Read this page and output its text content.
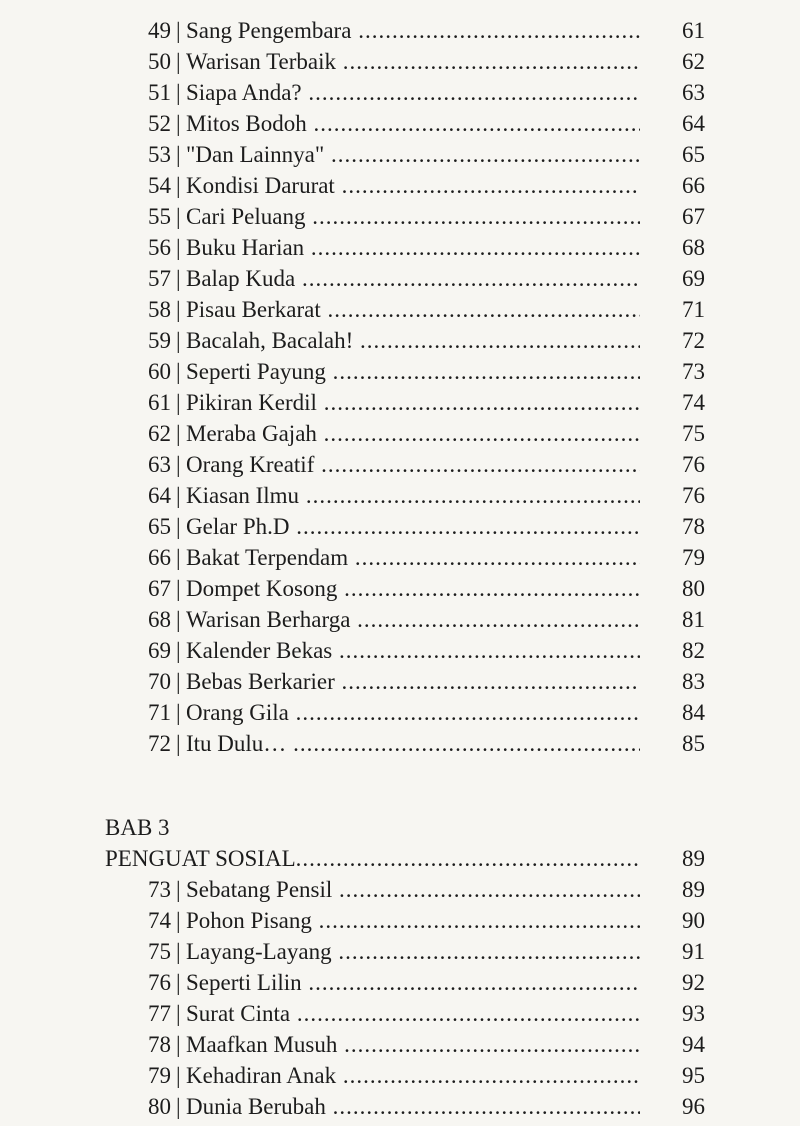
49 | Sang Pengembara .....	61
50 | Warisan Terbaik .....	62
51 | Siapa Anda? .....	63
52 | Mitos Bodoh .....	64
53 | "Dan Lainnya" .....	65
54 | Kondisi Darurat .....	66
55 | Cari Peluang .....	67
56 | Buku Harian .....	68
57 | Balap Kuda .....	69
58 | Pisau Berkarat .....	71
59 | Bacalah, Bacalah! .....	72
60 | Seperti Payung .....	73
61 | Pikiran Kerdil .....	74
62 | Meraba Gajah .....	75
63 | Orang Kreatif .....	76
64 | Kiasan Ilmu .....	76
65 | Gelar Ph.D .....	78
66 | Bakat Terpendam .....	79
67 | Dompet Kosong .....	80
68 | Warisan Berharga .....	81
69 | Kalender Bekas .....	82
70 | Bebas Berkarier .....	83
71 | Orang Gila .....	84
72 | Itu Dulu… .....	85
BAB 3
PENGUAT SOSIAL .....	89
73 | Sebatang Pensil .....	89
74 | Pohon Pisang .....	90
75 | Layang-Layang .....	91
76 | Seperti Lilin .....	92
77 | Surat Cinta .....	93
78 | Maafkan Musuh .....	94
79 | Kehadiran Anak .....	95
80 | Dunia Berubah .....	96
